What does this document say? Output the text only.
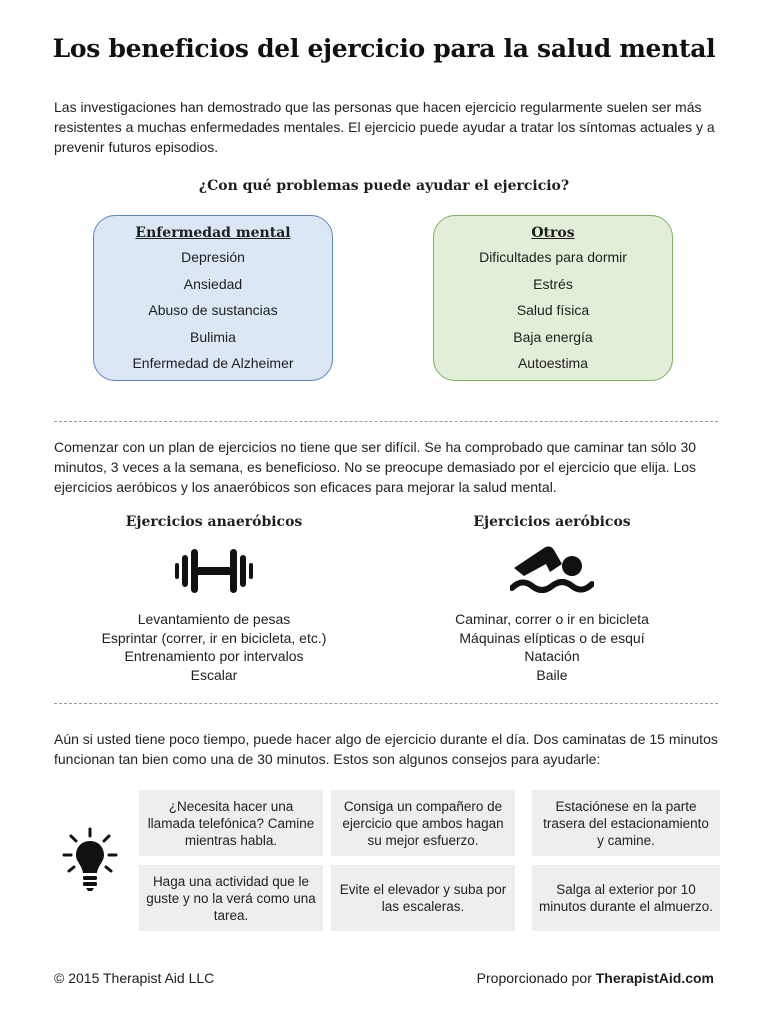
Los beneficios del ejercicio para la salud mental
Las investigaciones han demostrado que las personas que hacen ejercicio regularmente suelen ser más resistentes a muchas enfermedades mentales. El ejercicio puede ayudar a tratar los síntomas actuales y a prevenir futuros episodios.
¿Con qué problemas puede ayudar el ejercicio?
Enfermedad mental
Depresión
Ansiedad
Abuso de sustancias
Bulimia
Enfermedad de Alzheimer
Otros
Dificultades para dormir
Estrés
Salud física
Baja energía
Autoestima
Comenzar con un plan de ejercicios no tiene que ser difícil. Se ha comprobado que caminar tan sólo 30 minutos, 3 veces a la semana, es beneficioso. No se preocupe demasiado por el ejercicio que elija. Los ejercicios aeróbicos y los anaeróbicos son eficaces para mejorar la salud mental.
Ejercicios anaeróbicos
Levantamiento de pesas
Esprintar (correr, ir en bicicleta, etc.)
Entrenamiento por intervalos
Escalar
Ejercicios aeróbicos
Caminar, correr o ir en bicicleta
Máquinas elípticas o de esquí
Natación
Baile
Aún si usted tiene poco tiempo, puede hacer algo de ejercicio durante el día. Dos caminatas de 15 minutos funcionan tan bien como una de 30 minutos. Estos son algunos consejos para ayudarle:
¿Necesita hacer una llamada telefónica? Camine mientras habla.
Consiga un compañero de ejercicio que ambos hagan su mejor esfuerzo.
Estaciónese en la parte trasera del estacionamiento y camine.
Haga una actividad que le guste y no la verá como una tarea.
Evite el elevador y suba por las escaleras.
Salga al exterior por 10 minutos durante el almuerzo.
© 2015 Therapist Aid LLC	Proporcionado por TherapistAid.com
